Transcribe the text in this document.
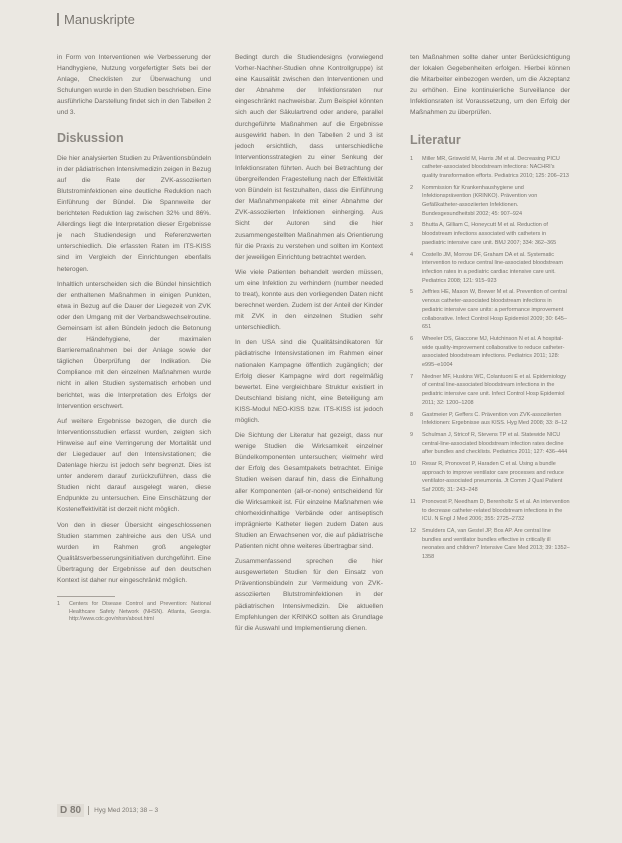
Manuskripte

in Form von Interventionen wie Verbesserung der Handhygiene, Nutzung vorgefertigter Sets bei der Anlage, Checklisten zur Überwachung und Schulungen wurde in den Studien beschrieben. Eine ausführliche Darstellung findet sich in den Tabellen 2 und 3.

Diskussion

Die hier analysierten Studien zu Präventionsbündeln in der pädiatrischen Intensivmedizin zeigen in Bezug auf die Rate der ZVK-assoziierten Blutstrominfektionen eine deutliche Reduktion nach Einführung der Bündel. Die Spannweite der berichteten Reduktion lag zwischen 32% und 86%. Allerdings liegt die Interpretation dieser Ergebnisse je nach Studiendesign und Referenzwerten unterschiedlich. Die erfassten Raten im ITS-KISS sind im Vergleich der Einrichtungen ebenfalls heterogen.

Inhaltlich unterscheiden sich die Bündel hinsichtlich der enthaltenen Maßnahmen in einigen Punkten, etwa in Bezug auf die Dauer der Liegezeit von ZVK oder den Umgang mit der Verbandswechselroutine. Gemeinsam ist allen Bündeln jedoch die Betonung der Händehygiene, der maximalen Barrieremaßnahmen bei der Anlage sowie der täglichen Überprüfung der Indikation. Die Compliance mit den einzelnen Maßnahmen wurde nicht in allen Studien systematisch erhoben und berichtet, was die Interpretation des Erfolgs der Intervention erschwert.

Auf weitere Ergebnisse bezogen, die durch die Interventionsstudien erfasst wurden, zeigten sich Hinweise auf eine Verringerung der Mortalität und der Liegedauer auf den Intensivstationen; die Datenlage hierzu ist jedoch sehr begrenzt. Dies ist unter anderem darauf zurückzuführen, dass die Studien nicht darauf ausgelegt waren, diese Endpunkte zu untersuchen. Eine Einschätzung der Kosteneffektivität ist derzeit nicht möglich.

Von den in dieser Übersicht eingeschlossenen Studien stammen zahlreiche aus den USA und wurden im Rahmen groß angelegter Qualitätsverbesserungsinitiativen durchgeführt. Eine Übertragung der Ergebnisse auf den deutschen Kontext ist daher nur eingeschränkt möglich.

1	Centers for Disease Control and Prevention: National Healthcare Safety Network (NHSN). Atlanta, Georgia. http://www.cdc.gov/nhsn/about.html

Bedingt durch die Studiendesigns (vorwiegend Vorher-Nachher-Studien ohne Kontrollgruppe) ist eine Kausalität zwischen den Interventionen und der Abnahme der Infektionsraten nur eingeschränkt nachweisbar. Zum Beispiel könnten sich auch der Säkulartrend oder andere, parallel durchgeführte Maßnahmen auf die Ergebnisse ausgewirkt haben. In den Tabellen 2 und 3 ist jedoch ersichtlich, dass unterschiedliche Interventionsstrategien zu einer Senkung der Infektionsraten führten. Auch bei Betrachtung der übergreifenden Fragestellung nach der Effektivität von Bündeln ist festzuhalten, dass die Einführung der Maßnahmenpakete mit einer Abnahme der ZVK-assoziierten Infektionen einherging. Aus Sicht der Autoren sind die hier zusammengestellten Maßnahmen als Orientierung für die Praxis zu verstehen und sollten im Kontext der jeweiligen Einrichtung betrachtet werden.

Wie viele Patienten behandelt werden müssen, um eine Infektion zu verhindern (number needed to treat), konnte aus den vorliegenden Daten nicht berechnet werden. Zudem ist der Anteil der Kinder mit ZVK in den einzelnen Studien sehr unterschiedlich.

In den USA sind die Qualitätsindikatoren für pädiatrische Intensivstationen im Rahmen einer nationalen Kampagne öffentlich zugänglich; der Erfolg dieser Kampagne wird dort regelmäßig bewertet. Eine vergleichbare Struktur existiert in Deutschland bislang nicht, eine Beteiligung am KISS-Modul NEO-KISS bzw. ITS-KISS ist jedoch möglich.

Die Sichtung der Literatur hat gezeigt, dass nur wenige Studien die Wirksamkeit einzelner Bündelkomponenten untersuchen; vielmehr wird der Erfolg des Gesamtpakets betrachtet. Einige Studien weisen darauf hin, dass die Einhaltung aller Komponenten (all-or-none) entscheidend für die Wirksamkeit ist. Für einzelne Maßnahmen wie chlorhexidinhaltige Verbände oder antiseptisch imprägnierte Katheter liegen zudem Daten aus Studien an Erwachsenen vor, die auf pädiatrische Patienten nicht ohne weiteres übertragbar sind.

Zusammenfassend sprechen die hier ausgewerteten Studien für den Einsatz von Präventionsbündeln zur Vermeidung von ZVK-assoziierten Blutstrominfektionen in der pädiatrischen Intensivmedizin. Die aktuellen Empfehlungen der KRINKO sollten als Grundlage für die Auswahl und Implementierung dienen.

ten Maßnahmen sollte daher unter Berücksichtigung der lokalen Gegebenheiten erfolgen. Hierbei können die Mitarbeiter einbezogen werden, um die Akzeptanz zu erhöhen. Eine kontinuierliche Surveillance der Infektionsraten ist Voraussetzung, um den Erfolg der Maßnahmen zu überprüfen.

Literatur
1	Miller MR, Griswold M, Harris JM et al. Decreasing PICU catheter-associated bloodstream infections: NACHRI's quality transformation efforts. Pediatrics 2010; 125: 206–213
2	Kommission für Krankenhaushygiene und Infektionsprävention (KRINKO). Prävention von Gefäßkatheter-assoziierten Infektionen. Bundesgesundheitsbl 2002; 45: 907–924
3	Bhutta A, Gilliam C, Honeycutt M et al. Reduction of bloodstream infections associated with catheters in paediatric intensive care unit. BMJ 2007; 334: 362–365
4	Costello JM, Morrow DF, Graham DA et al. Systematic intervention to reduce central line-associated bloodstream infection rates in a pediatric cardiac intensive care unit. Pediatrics 2008; 121: 915–923
5	Jeffries HE, Mason W, Brewer M et al. Prevention of central venous catheter-associated bloodstream infections in pediatric intensive care units: a performance improvement collaborative. Infect Control Hosp Epidemiol 2009; 30: 645–651
6	Wheeler DS, Giaccone MJ, Hutchinson N et al. A hospital-wide quality-improvement collaborative to reduce catheter-associated bloodstream infections. Pediatrics 2011; 128: e995–e1004
7	Niedner MF, Huskins WC, Colantuoni E et al. Epidemiology of central line-associated bloodstream infections in the pediatric intensive care unit. Infect Control Hosp Epidemiol 2011; 32: 1200–1208
8	Gastmeier P, Geffers C. Prävention von ZVK-assoziierten Infektionen: Ergebnisse aus KISS. Hyg Med 2008; 33: 8–12
9	Schulman J, Stricof R, Stevens TP et al. Statewide NICU central-line-associated bloodstream infection rates decline after bundles and checklists. Pediatrics 2011; 127: 436–444
10	Resar R, Pronovost P, Haraden C et al. Using a bundle approach to improve ventilator care processes and reduce ventilator-associated pneumonia. Jt Comm J Qual Patient Saf 2005; 31: 243–248
11	Pronovost P, Needham D, Berenholtz S et al. An intervention to decrease catheter-related bloodstream infections in the ICU. N Engl J Med 2006; 355: 2725–2732
12	Smulders CA, van Gestel JP, Bos AP. Are central line bundles and ventilator bundles effective in critically ill neonates and children? Intensive Care Med 2013; 39: 1352–1358
D 80	Hyg Med 2013; 38 – 3
